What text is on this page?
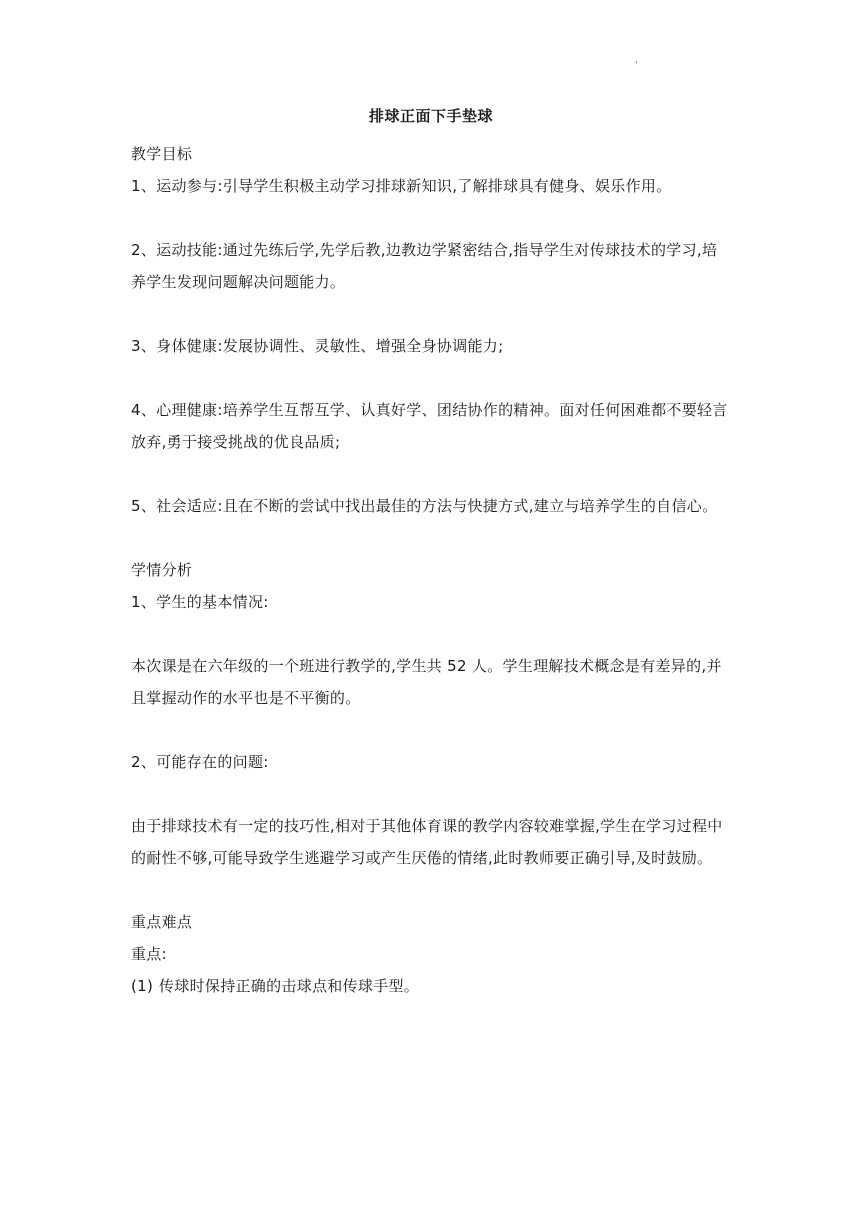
.

排球正面下手垫球

教学目标

1、运动参与:引导学生积极主动学习排球新知识,了解排球具有健身、娱乐作用。

2、运动技能:通过先练后学,先学后教,边教边学紧密结合,指导学生对传球技术的学习,培养学生发现问题解决问题能力。

3、身体健康:发展协调性、灵敏性、增强全身协调能力;

4、心理健康:培养学生互帮互学、认真好学、团结协作的精神。面对任何困难都不要轻言放弃,勇于接受挑战的优良品质;

5、社会适应:且在不断的尝试中找出最佳的方法与快捷方式,建立与培养学生的自信心。

学情分析

1、学生的基本情况:

本次课是在六年级的一个班进行教学的,学生共 52 人。学生理解技术概念是有差异的,并且掌握动作的水平也是不平衡的。

2、可能存在的问题:

由于排球技术有一定的技巧性,相对于其他体育课的教学内容较难掌握,学生在学习过程中的耐性不够,可能导致学生逃避学习或产生厌倦的情绪,此时教师要正确引导,及时鼓励。

重点难点

重点:

(1) 传球时保持正确的击球点和传球手型。
